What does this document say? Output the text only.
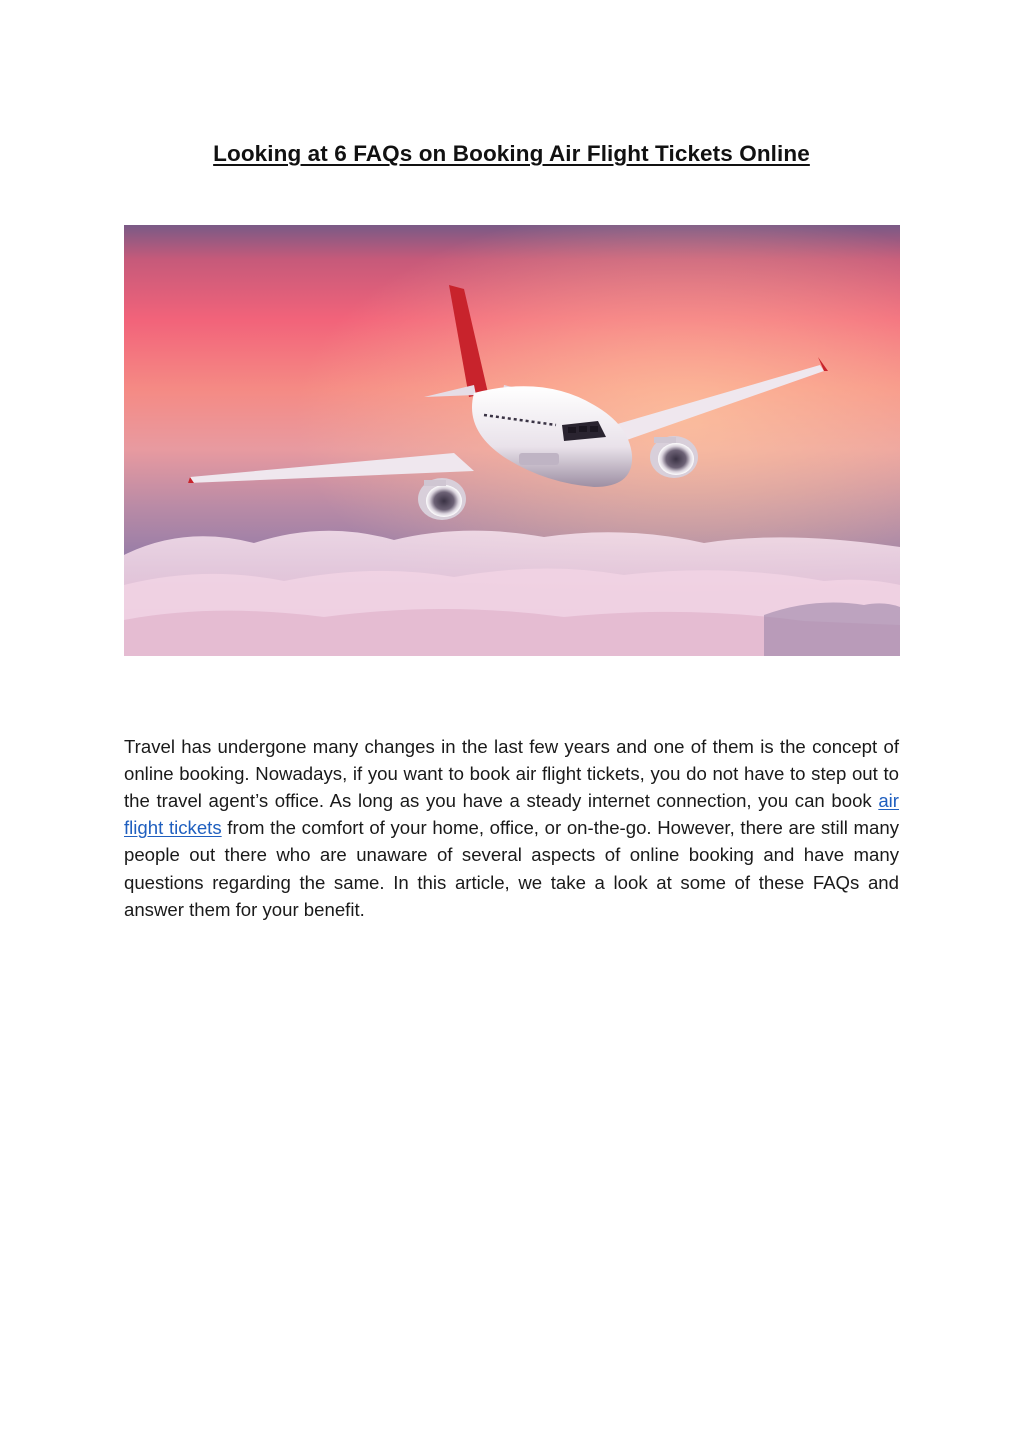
Looking at 6 FAQs on Booking Air Flight Tickets Online

Travel has undergone many changes in the last few years and one of them is the concept of online booking. Nowadays, if you want to book air flight tickets, you do not have to step out to the travel agent’s office. As long as you have a steady internet connection, you can book air flight tickets from the comfort of your home, office, or on-the-go. However, there are still many people out there who are unaware of several aspects of online booking and have many questions regarding the same. In this article, we take a look at some of these FAQs and answer them for your benefit.
